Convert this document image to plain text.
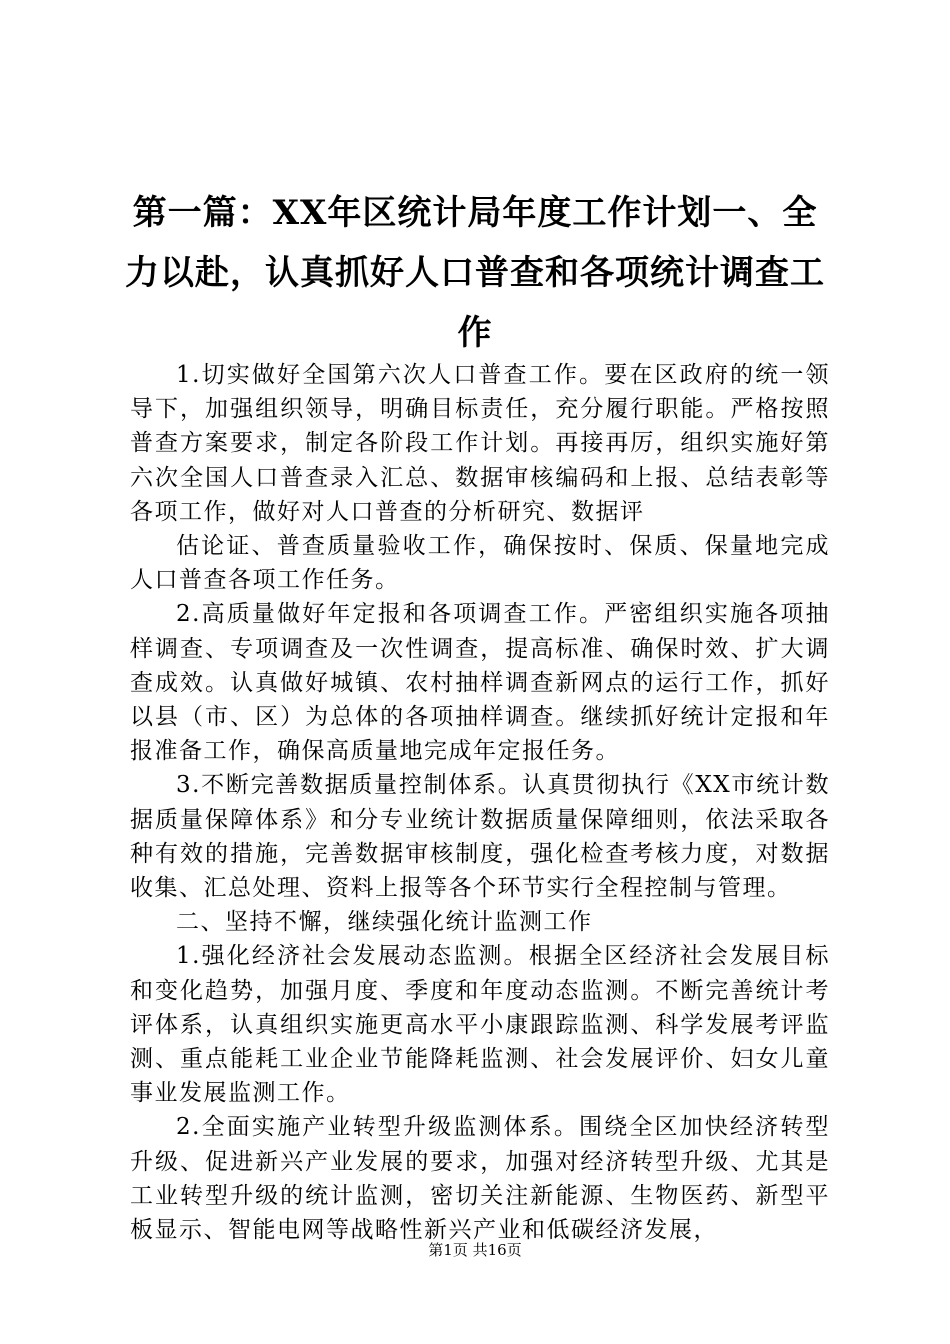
第一篇：XX年区统计局年度工作计划一、全力以赴，认真抓好人口普查和各项统计调查工作

1.切实做好全国第六次人口普查工作。要在区政府的统一领导下，加强组织领导，明确目标责任，充分履行职能。严格按照普查方案要求，制定各阶段工作计划。再接再厉，组织实施好第六次全国人口普查录入汇总、数据审核编码和上报、总结表彰等各项工作，做好对人口普查的分析研究、数据评

估论证、普查质量验收工作，确保按时、保质、保量地完成人口普查各项工作任务。

2.高质量做好年定报和各项调查工作。严密组织实施各项抽样调查、专项调查及一次性调查，提高标准、确保时效、扩大调查成效。认真做好城镇、农村抽样调查新网点的运行工作，抓好以县（市、区）为总体的各项抽样调查。继续抓好统计定报和年报准备工作，确保高质量地完成年定报任务。

3.不断完善数据质量控制体系。认真贯彻执行《XX市统计数据质量保障体系》和分专业统计数据质量保障细则，依法采取各种有效的措施，完善数据审核制度，强化检查考核力度，对数据收集、汇总处理、资料上报等各个环节实行全程控制与管理。

二、坚持不懈，继续强化统计监测工作

1.强化经济社会发展动态监测。根据全区经济社会发展目标和变化趋势，加强月度、季度和年度动态监测。不断完善统计考评体系，认真组织实施更高水平小康跟踪监测、科学发展考评监测、重点能耗工业企业节能降耗监测、社会发展评价、妇女儿童事业发展监测工作。

2.全面实施产业转型升级监测体系。围绕全区加快经济转型升级、促进新兴产业发展的要求，加强对经济转型升级、尤其是工业转型升级的统计监测，密切关注新能源、生物医药、新型平板显示、智能电网等战略性新兴产业和低碳经济发展，

第1页 共16页
